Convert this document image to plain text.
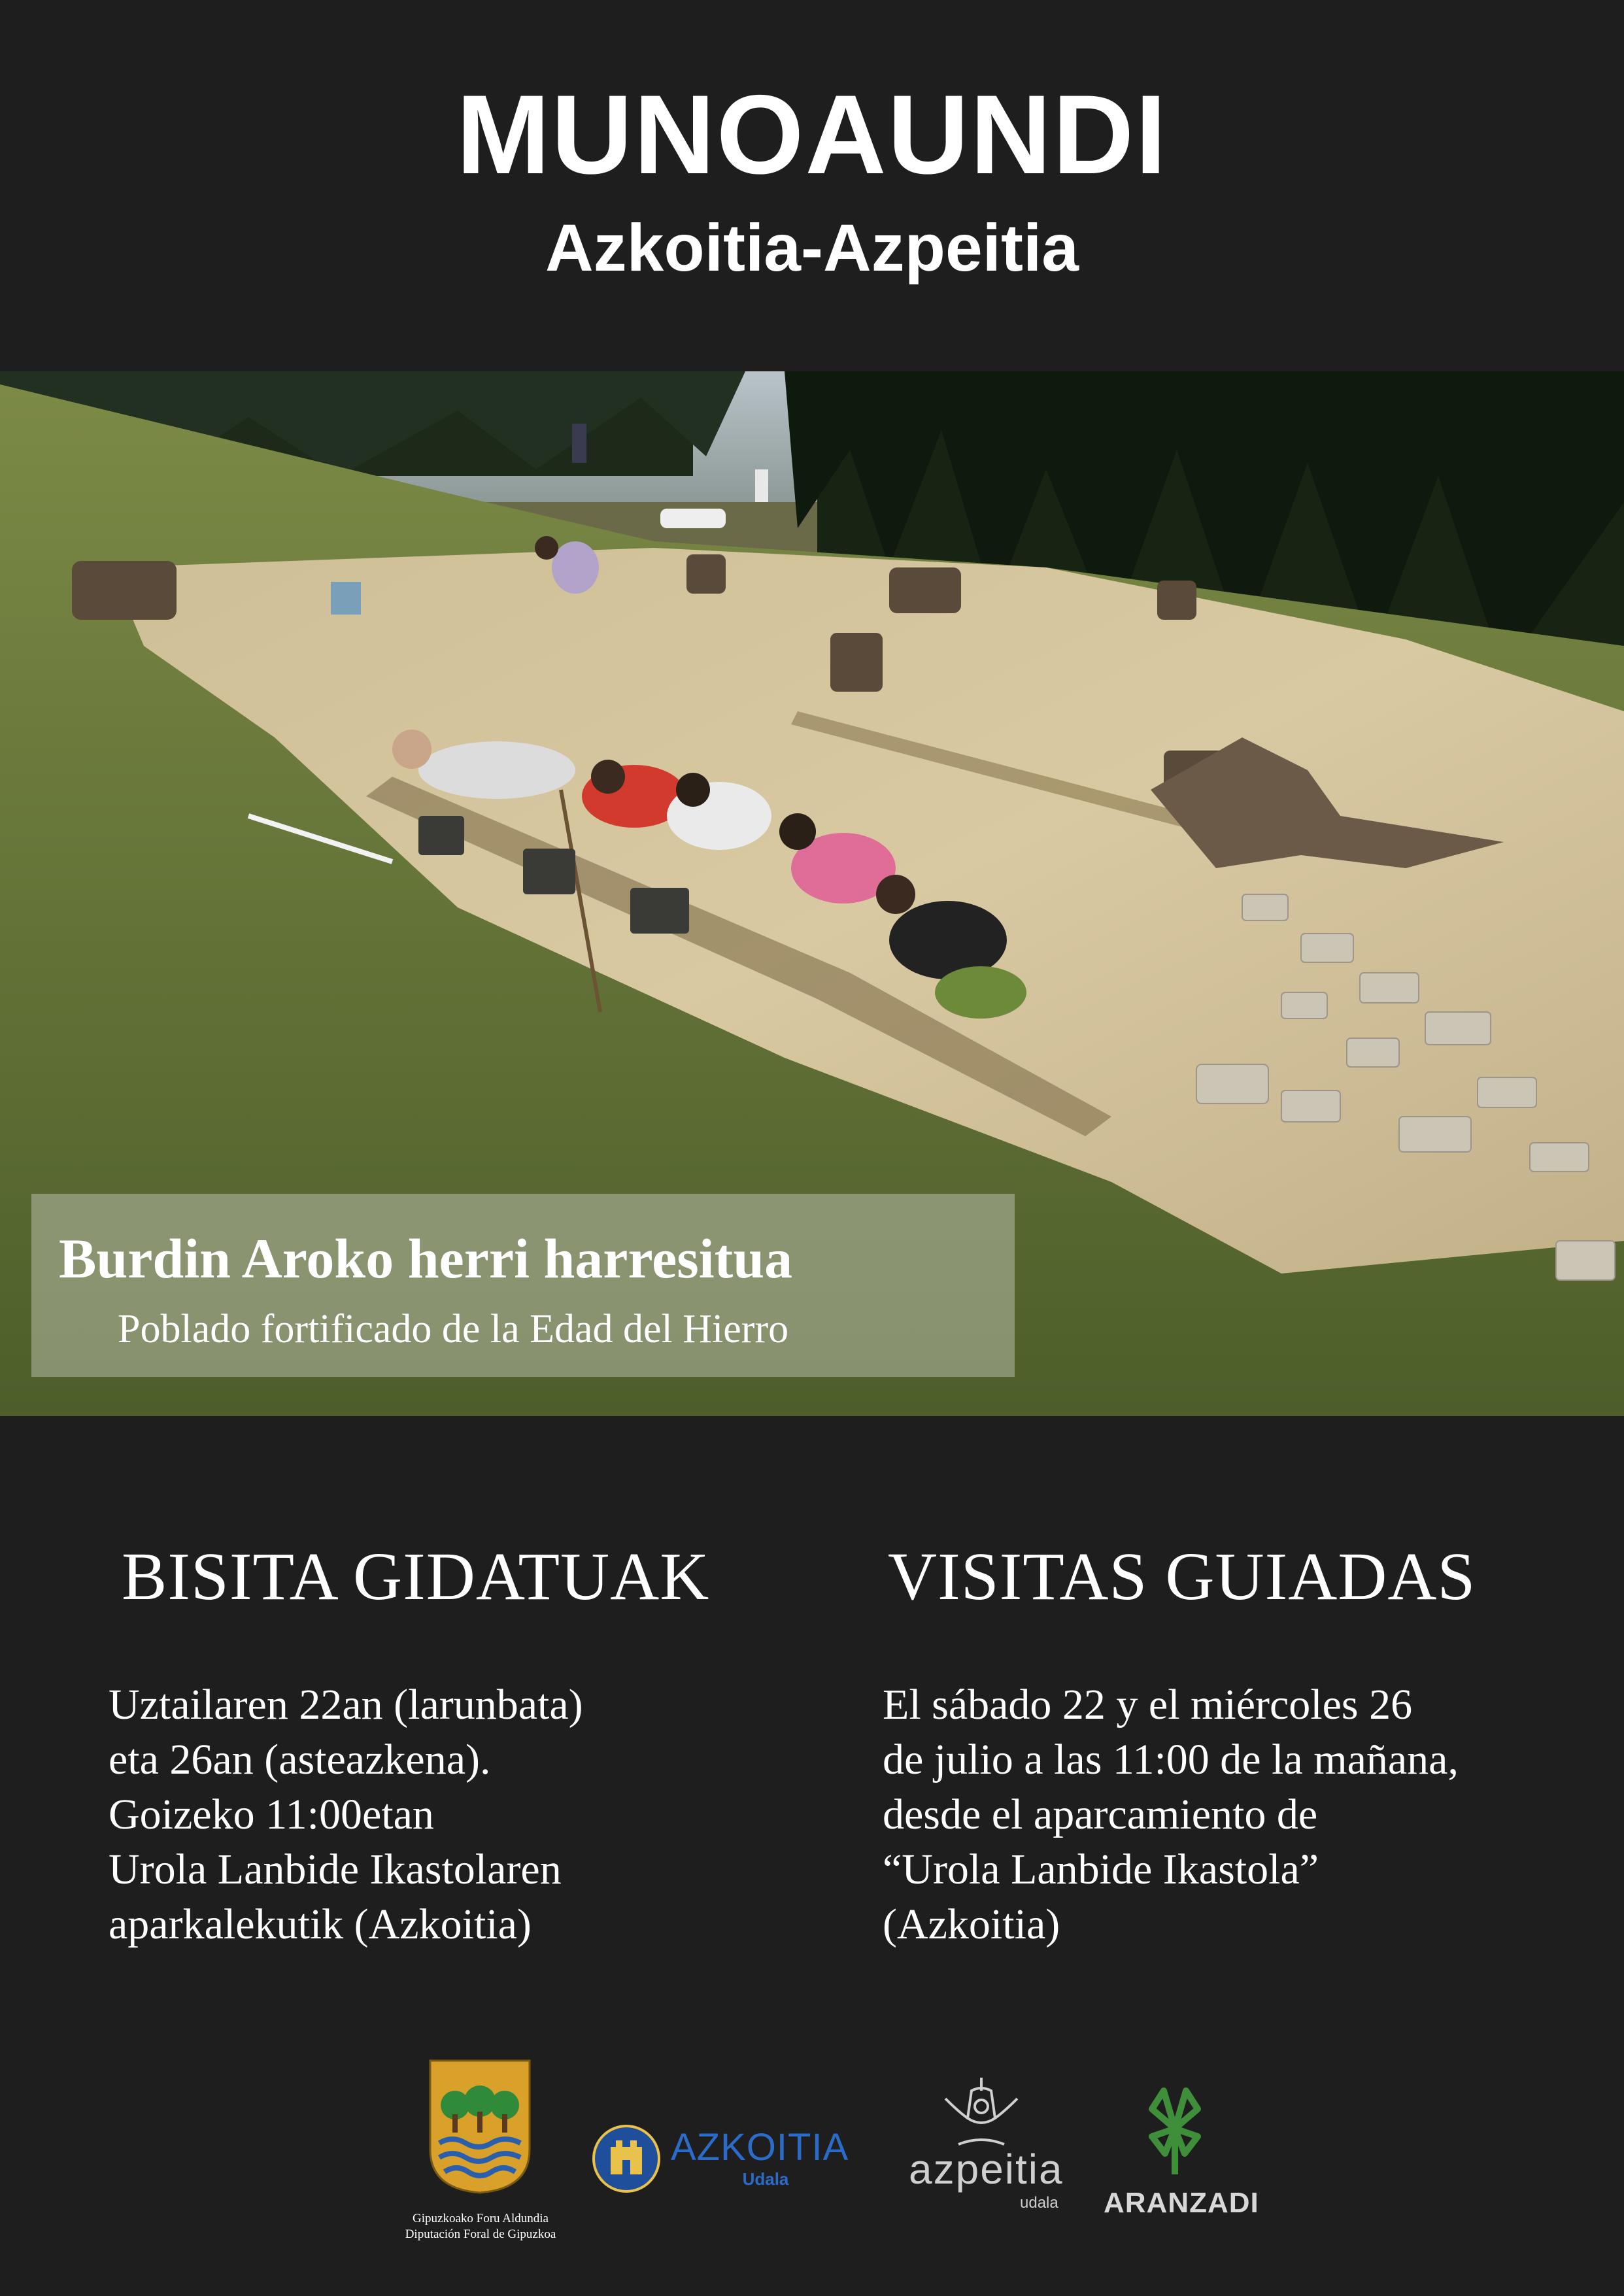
MUNOAUNDI
Azkoitia-Azpeitia
Burdin Aroko herri harresitua
Poblado fortificado de la Edad del Hierro
BISITA GIDATUAK
Uztailaren 22an (larunbata)
eta 26an (asteazkena).
Goizeko 11:00etan
Urola Lanbide Ikastolaren
aparkalekutik (Azkoitia)
VISITAS GUIADAS
El sábado 22 y el miércoles 26
de julio a las 11:00 de la mañana,
desde el aparcamiento de
“Urola Lanbide Ikastola”
(Azkoitia)
Gipuzkoako Foru Aldundia
Diputación Foral de Gipuzkoa
AZKOITIA
Udala	azpeitia
udala ARANZADI
